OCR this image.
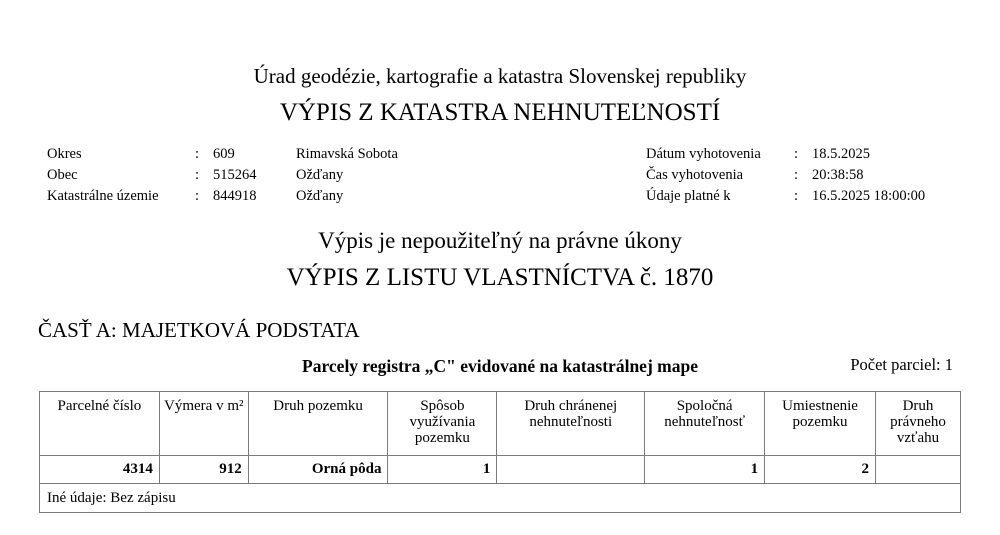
Úrad geodézie, kartografie a katastra Slovenskej republiky
VÝPIS Z KATASTRA NEHNUTEĽNOSTÍ
Okres	: 609	Rimavská Sobota
Obec	: 515264	Ožďany
Katastrálne územie	: 844918	Ožďany
Dátum vyhotovenia : 18.5.2025
Čas vyhotovenia	: 20:38:58
Údaje platné k	: 16.5.2025 18:00:00
Výpis je nepoužiteľný na právne úkony
VÝPIS Z LISTU VLASTNÍCTVA č. 1870
ČASŤ A: MAJETKOVÁ PODSTATA
Parcely registra „C" evidované na katastrálnej mape	Počet parciel: 1
Parcelné číslo	Výmera v m²	Druh pozemku	Spôsob využívania pozemku	Druh chránenej nehnuteľnosti	Spoločná nehnuteľnosť	Umiestnenie pozemku	Druh právneho vzťahu
4314	912	Orná pôda	1		1	2	
Iné údaje: Bez zápisu							
